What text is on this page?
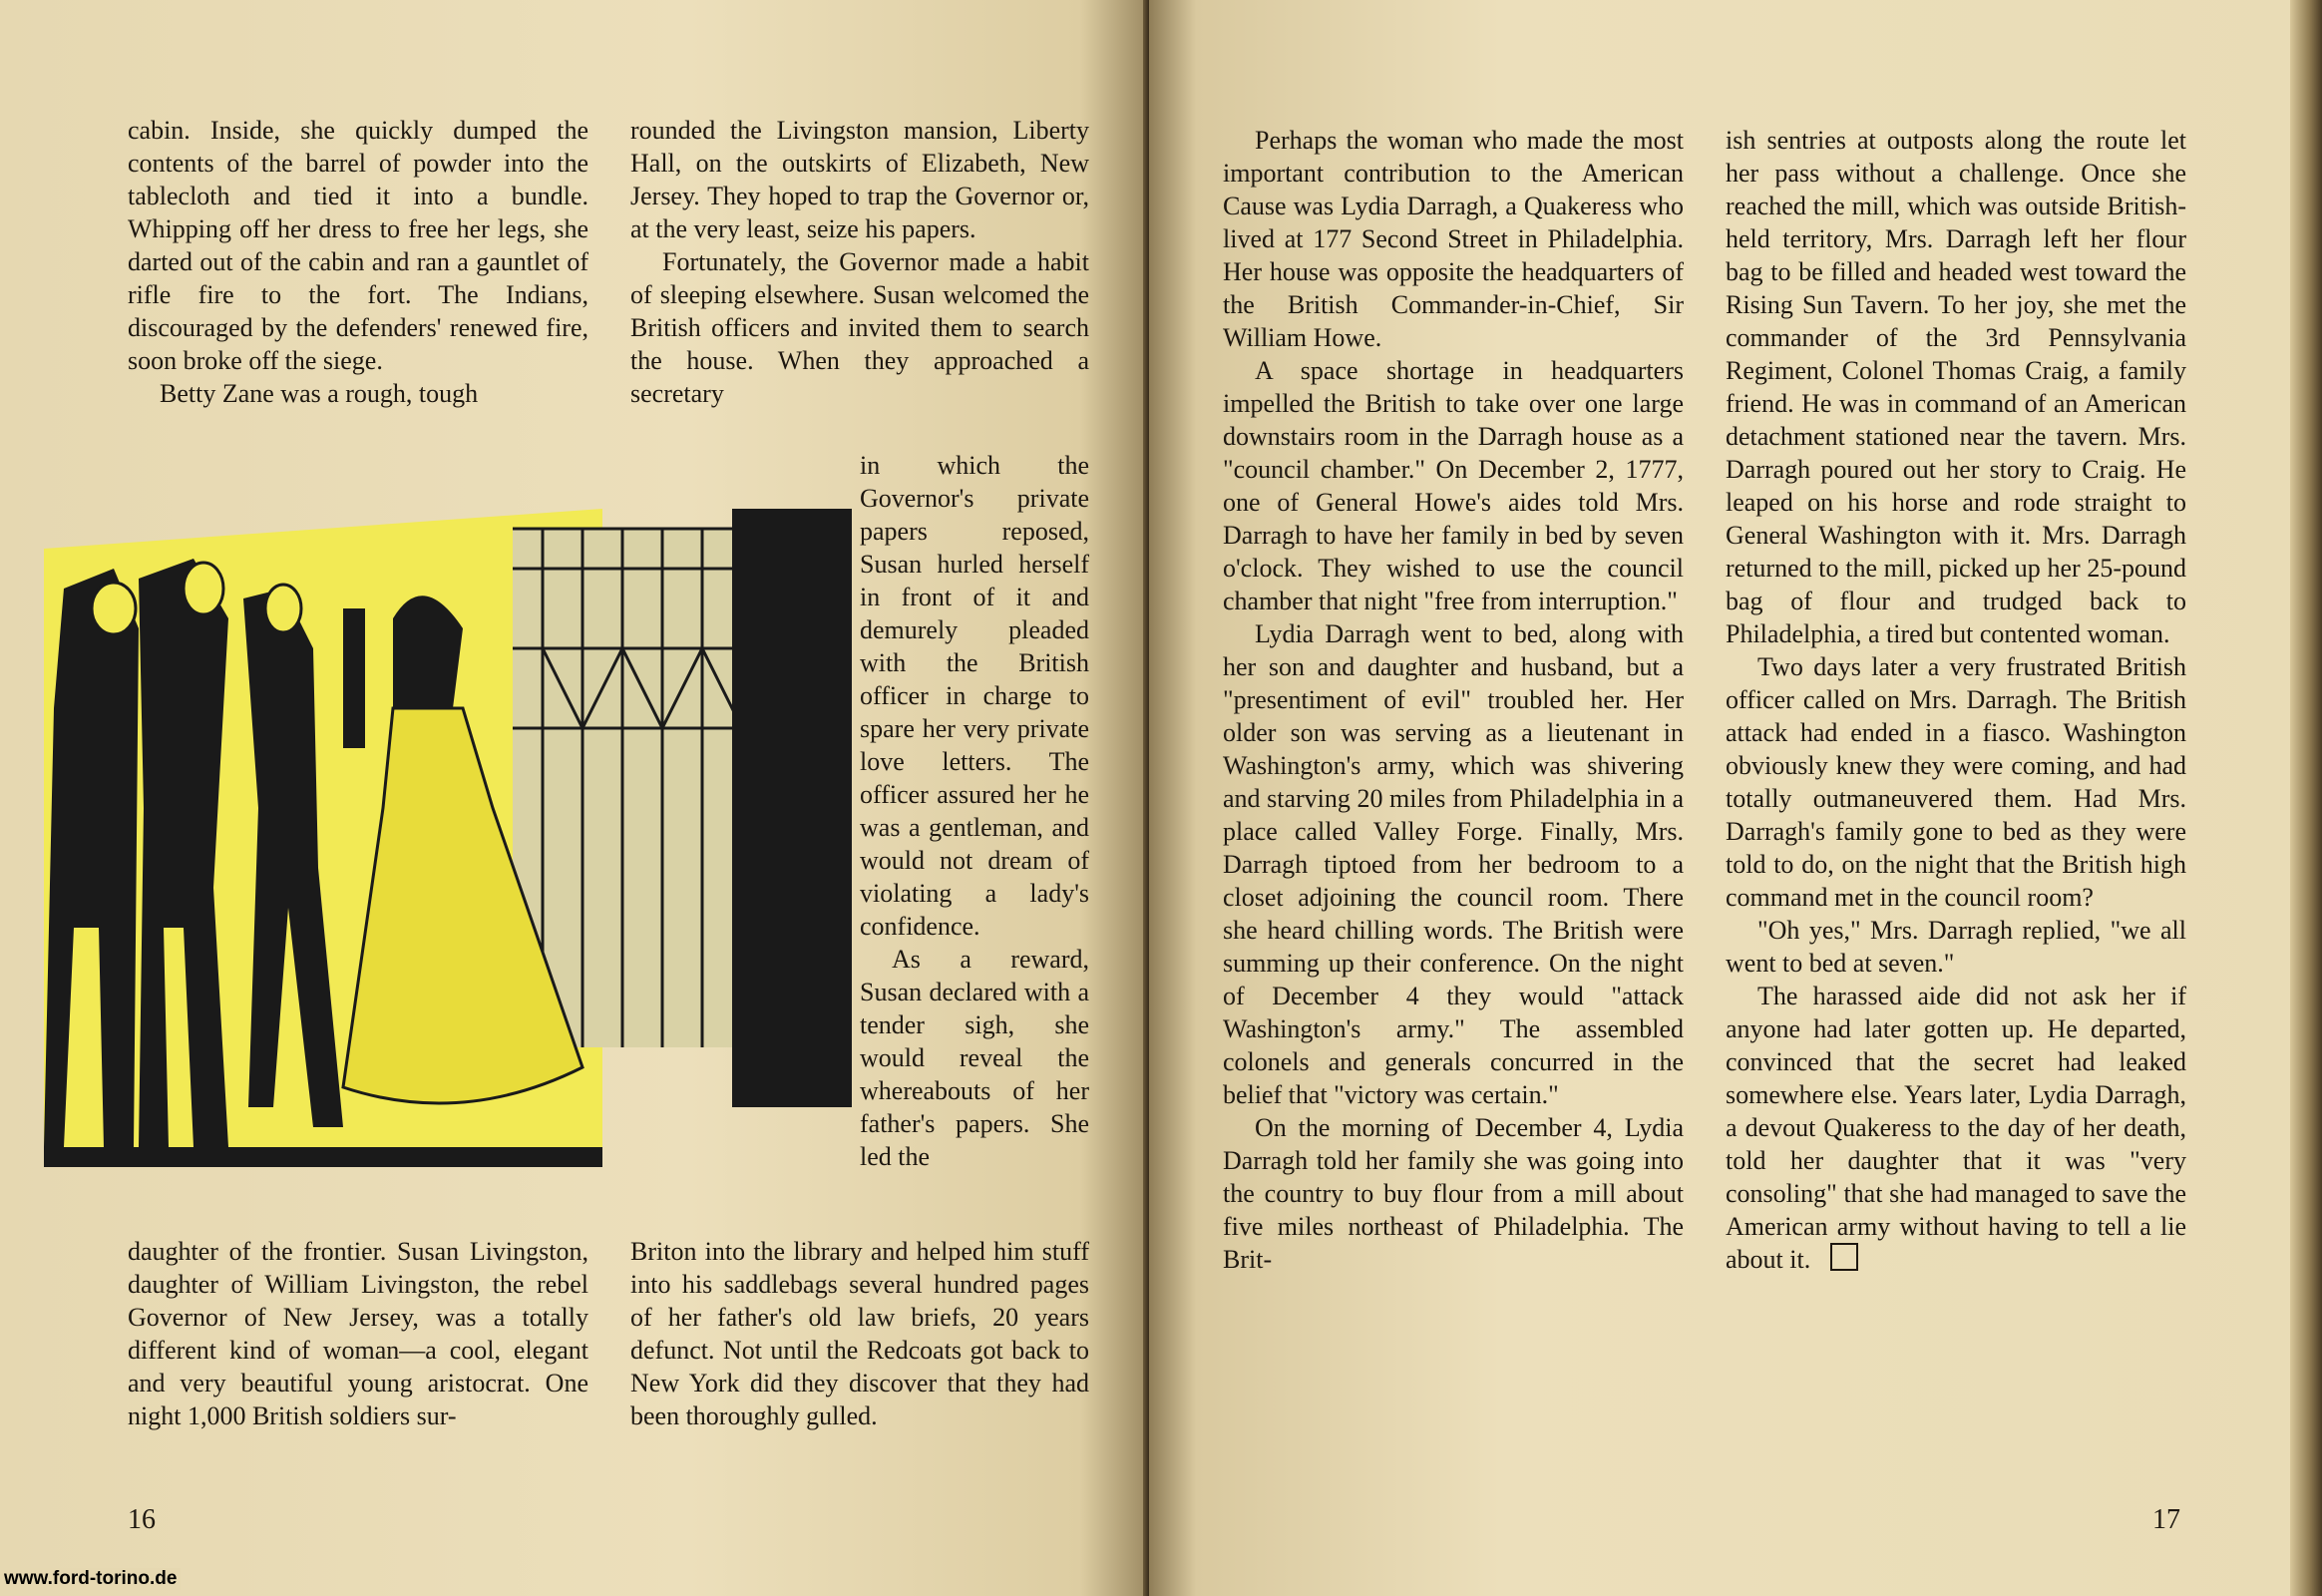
cabin. Inside, she quickly dumped the contents of the barrel of powder into the tablecloth and tied it into a bundle. Whipping off her dress to free her legs, she darted out of the cabin and ran a gauntlet of rifle fire to the fort. The Indians, discouraged by the defenders' renewed fire, soon broke off the siege.

Betty Zane was a rough, tough

rounded the Livingston mansion, Liberty Hall, on the outskirts of Elizabeth, New Jersey. They hoped to trap the Governor or, at the very least, seize his papers.

Fortunately, the Governor made a habit of sleeping elsewhere. Susan welcomed the British officers and invited them to search the house. When they approached a secretary

in which the Governor's private papers reposed, Susan hurled herself in front of it and demurely pleaded with the British officer in charge to spare her very private love letters. The officer assured her he was a gentleman, and would not dream of violating a lady's confidence.

As a reward, Susan declared with a tender sigh, she would reveal the whereabouts of her father's papers. She led the

daughter of the frontier. Susan Livingston, daughter of William Livingston, the rebel Governor of New Jersey, was a totally different kind of woman—a cool, elegant and very beautiful young aristocrat. One night 1,000 British soldiers sur-

Briton into the library and helped him stuff into his saddlebags several hundred pages of her father's old law briefs, 20 years defunct. Not until the Redcoats got back to New York did they discover that they had been thoroughly gulled.

16
www.ford-torino.de

Perhaps the woman who made the most important contribution to the American Cause was Lydia Darragh, a Quakeress who lived at 177 Second Street in Philadelphia. Her house was opposite the headquarters of the British Commander-in-Chief, Sir William Howe.

A space shortage in headquarters impelled the British to take over one large downstairs room in the Darragh house as a "council chamber." On December 2, 1777, one of General Howe's aides told Mrs. Darragh to have her family in bed by seven o'clock. They wished to use the council chamber that night "free from interruption."

Lydia Darragh went to bed, along with her son and daughter and husband, but a "presentiment of evil" troubled her. Her older son was serving as a lieutenant in Washington's army, which was shivering and starving 20 miles from Philadelphia in a place called Valley Forge. Finally, Mrs. Darragh tiptoed from her bedroom to a closet adjoining the council room. There she heard chilling words. The British were summing up their conference. On the night of December 4 they would "attack Washington's army." The assembled colonels and generals concurred in the belief that "victory was certain."

On the morning of December 4, Lydia Darragh told her family she was going into the country to buy flour from a mill about five miles northeast of Philadelphia. The Brit-

ish sentries at outposts along the route let her pass without a challenge. Once she reached the mill, which was outside British-held territory, Mrs. Darragh left her flour bag to be filled and headed west toward the Rising Sun Tavern. To her joy, she met the commander of the 3rd Pennsylvania Regiment, Colonel Thomas Craig, a family friend. He was in command of an American detachment stationed near the tavern. Mrs. Darragh poured out her story to Craig. He leaped on his horse and rode straight to General Washington with it. Mrs. Darragh returned to the mill, picked up her 25-pound bag of flour and trudged back to Philadelphia, a tired but contented woman.

Two days later a very frustrated British officer called on Mrs. Darragh. The British attack had ended in a fiasco. Washington obviously knew they were coming, and had totally outmaneuvered them. Had Mrs. Darragh's family gone to bed as they were told to do, on the night that the British high command met in the council room?

"Oh yes," Mrs. Darragh replied, "we all went to bed at seven."

The harassed aide did not ask her if anyone had later gotten up. He departed, convinced that the secret had leaked somewhere else. Years later, Lydia Darragh, a devout Quakeress to the day of her death, told her daughter that it was "very consoling" that she had managed to save the American army without having to tell a lie about it.

17
